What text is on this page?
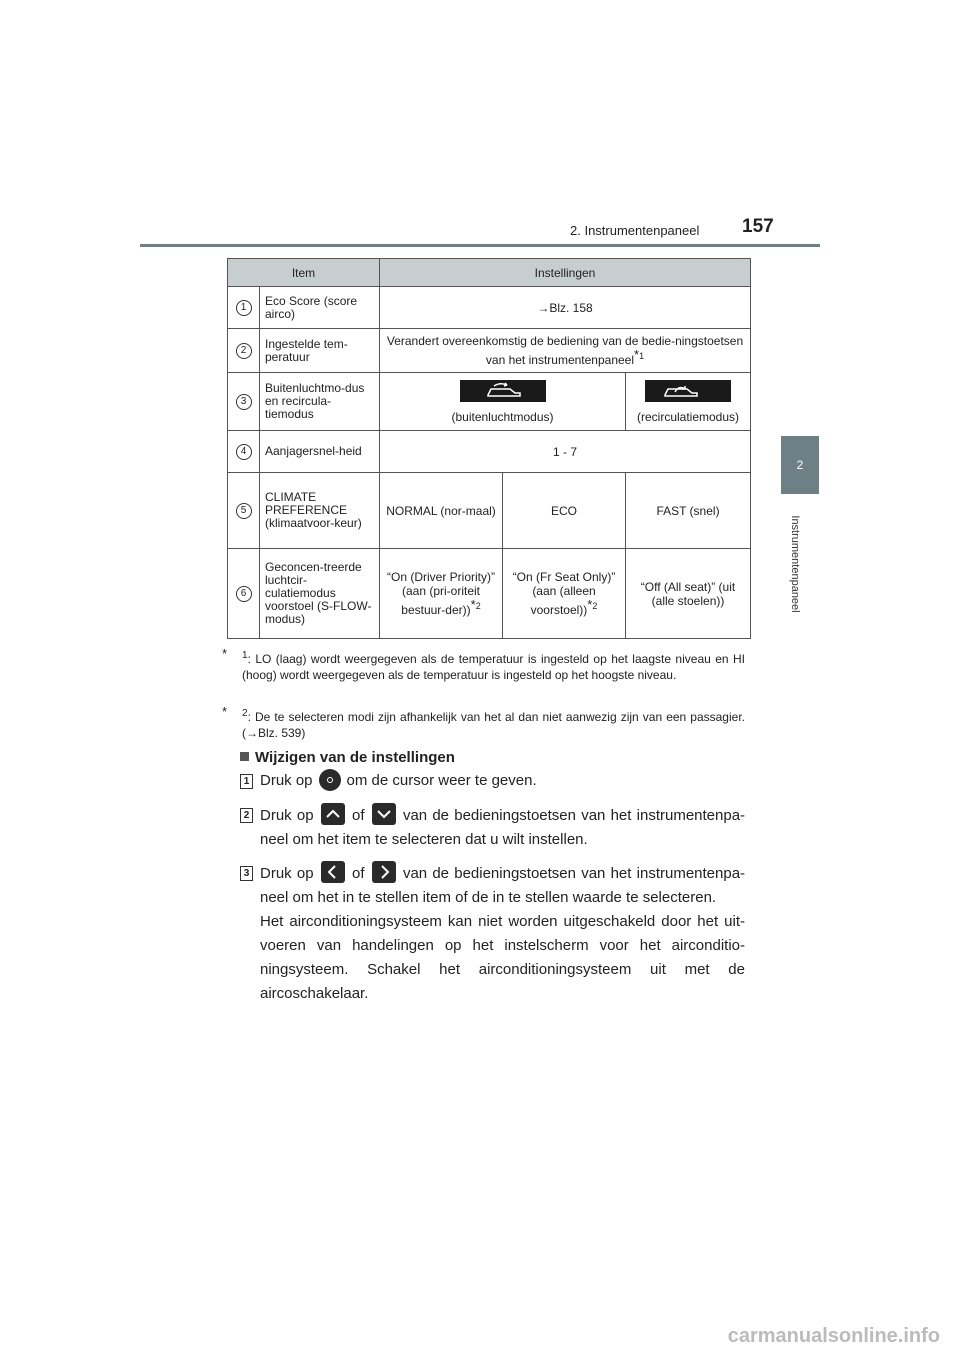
2. Instrumentenpaneel 157
2
Instrumentenpaneel
Item		Instellingen		
1	Eco Score (score airco)	→Blz. 158		
2	Ingestelde tem-peratuur	Verandert overeenkomstig de bediening van de bedie-ningstoetsen van het instrumentenpaneel*$^1$
3	Buitenluchtmo-dus en recircula-tiemodus	(buitenluchtmodus)		(recirculatiemodus)
4	Aanjagersnel-heid	1 - 7		
5	CLIMATE PREFERENCE (klimaatvoor-keur)	NORMAL (nor-maal)	ECO	FAST (snel)
6	Geconcen-treerde luchtcir-culatiemodus voorstoel (S-FLOW-modus)	“On (Driver Priority)” (aan (pri-oriteit bestuur-der))*$^2$	“On (Fr Seat Only)” (aan (alleen voorstoel))*$^2$	“Off (All seat)” (uit (alle stoelen))
*	$^1$: LO (laag) wordt weergegeven als de temperatuur is ingesteld op het laagste niveau en HI (hoog) wordt weergegeven als de temperatuur is ingesteld op het hoogste niveau.
*	$^2$: De te selecteren modi zijn afhankelijk van het al dan niet aanwezig zijn van een passagier. (→Blz. 539)
Wijzigen van de instellingen
1 Druk op om de cursor weer te geven.
2 Druk op	of	van de bedieningstoetsen van het instrumentenpa-neel om het item te selecteren dat u wilt instellen.
3 Druk op	of	van de bedieningstoetsen van het instrumentenpa-neel om het in te stellen item of de in te stellen waarde te selecteren.
Het airconditioningsysteem kan niet worden uitgeschakeld door het uit-voeren van handelingen op het instelscherm voor het airconditio-ningsysteem. Schakel het airconditioningsysteem uit met de aircoschakelaar.
carmanualsonline.info
